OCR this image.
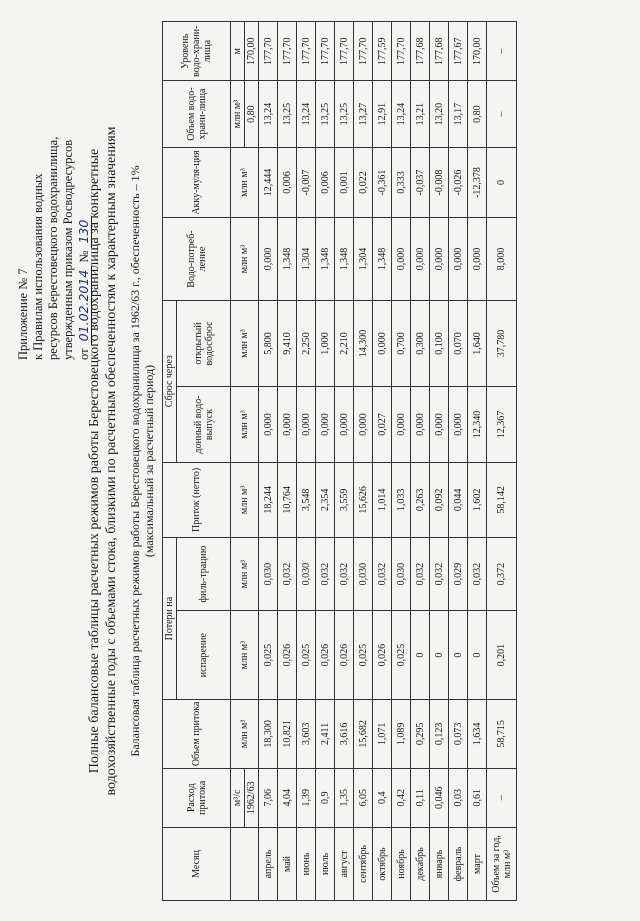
Приложение № 7 к Правилам использования водных ресурсов Берестовецкого водохранилища, утвержденным приказом Росводресурсов от 01.02.2014 № 130
Полные балансовые таблицы расчетных режимов работы Берестовецкого водохранилища за конкретные водохозяйственные годы с объемами стока, близкими по расчетным обеспеченностям к характерным значениям Балансовая таблица расчетных режимов работы Берестовецкого водохранилища за 1962/63 г., обеспеченность – 1% (максимальный за расчетный период)
Месяц	Расход притока	Объем притока	Потери на		Приток (нетто)	Сброс через		Водо-потреб-ление	Акку-муля-ция	Объем водо-храни-лища	Уровень водо-храни-лища
			испарение	филь-трацию		донный водо-выпуск	открытый водосброс				

	м³/с	млн м³	млн м³	млн м³	млн м³	млн м³	млн м³	млн м³	млн м³	млн м³	м
	1962/63									0,80	170,00
апрель	7,06	18,300	0,025	0,030	18,244	0,000	5,800	0,000	12,444	13,24	177,70
май	4,04	10,821	0,026	0,032	10,764	0,000	9,410	1,348	0,006	13,25	177,70
июнь	1,39	3,603	0,025	0,030	3,548	0,000	2,250	1,304	-0,007	13,24	177,70
июль	0,9	2,411	0,026	0,032	2,354	0,000	1,000	1,348	0,006	13,25	177,70
август	1,35	3,616	0,026	0,032	3,559	0,000	2,210	1,348	0,001	13,25	177,70
сентябрь	6,05	15,682	0,025	0,030	15,626	0,000	14,300	1,304	0,022	13,27	177,70
октябрь	0,4	1,071	0,026	0,032	1,014	0,027	0,000	1,348	-0,361	12,91	177,59
ноябрь	0,42	1,089	0,025	0,030	1,033	0,000	0,700	0,000	0,333	13,24	177,70
декабрь	0,11	0,295	0	0,032	0,263	0,000	0,300	0,000	-0,037	13,21	177,68
январь	0,046	0,123	0	0,032	0,092	0,000	0,100	0,000	-0,008	13,20	177,68
февраль	0,03	0,073	0	0,029	0,044	0,000	0,070	0,000	-0,026	13,17	177,67
март	0,61	1,634	0	0,032	1,602	12,340	1,640	0,000	-12,378	0,80	170,00
Объем за год, млн м³	–	58,715	0,201	0,372	58,142	12,367	37,780	8,000	0	–	–
